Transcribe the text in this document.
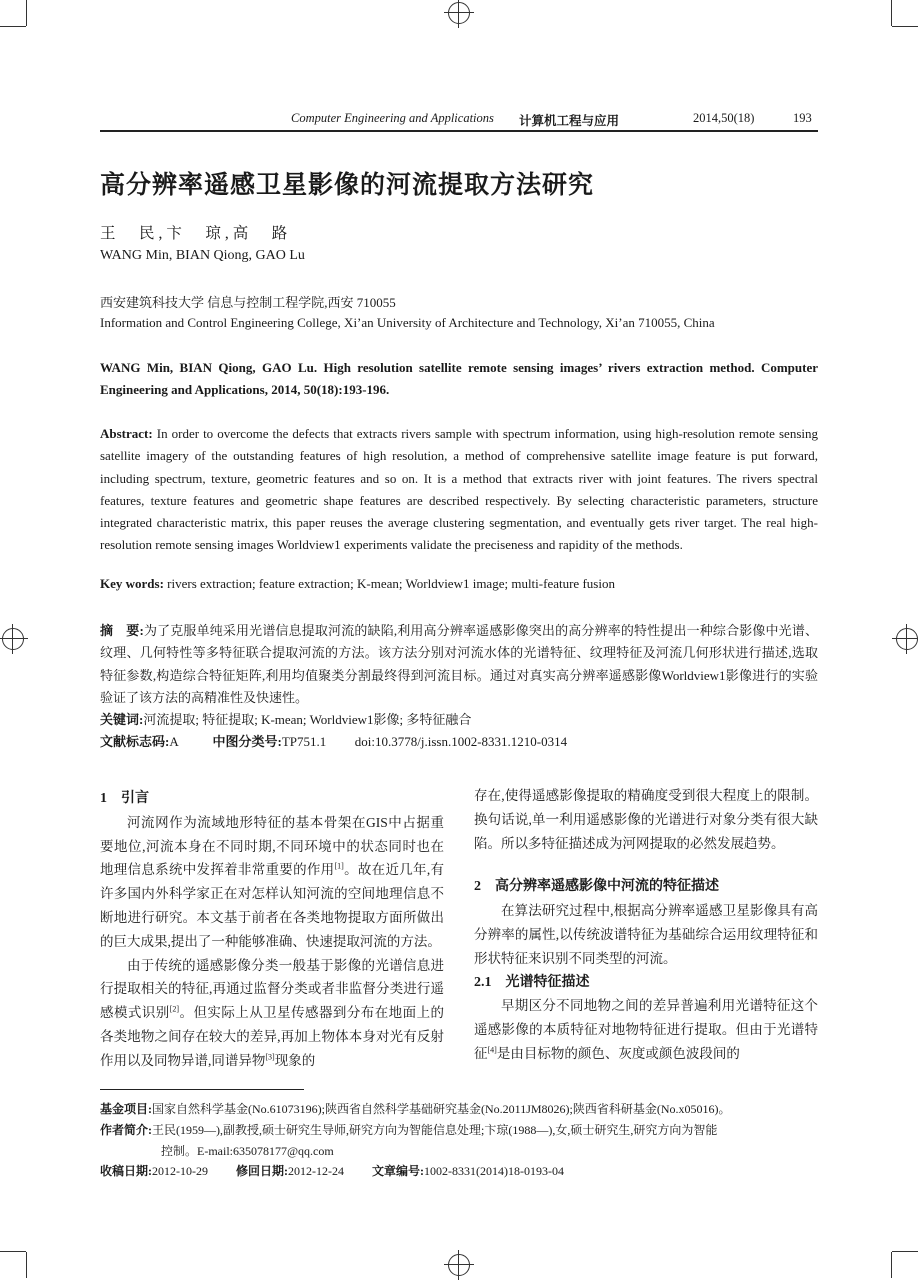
Computer Engineering and Applications 计算机工程与应用	2014,50(18)	193
高分辨率遥感卫星影像的河流提取方法研究
王　民,卞　琼,高　路
WANG Min, BIAN Qiong, GAO Lu
西安建筑科技大学 信息与控制工程学院,西安 710055
Information and Control Engineering College, Xi’an University of Architecture and Technology, Xi’an 710055, China
WANG Min, BIAN Qiong, GAO Lu. High resolution satellite remote sensing images’ rivers extraction method. Computer Engineering and Applications, 2014, 50(18):193-196.
Abstract: In order to overcome the defects that extracts rivers sample with spectrum information, using high-resolution remote sensing satellite imagery of the outstanding features of high resolution, a method of comprehensive satellite image feature is put forward, including spectrum, texture, geometric features and so on. It is a method that extracts river with joint features. The rivers spectral features, texture features and geometric shape features are described respectively. By selecting characteristic parameters, structure integrated characteristic matrix, this paper reuses the average clustering segmentation, and eventually gets river target. The real high-resolution remote sensing images Worldview1 experiments validate the preciseness and rapidity of the methods.
Key words: rivers extraction; feature extraction; K-mean; Worldview1 image; multi-feature fusion
摘　要:为了克服单纯采用光谱信息提取河流的缺陷,利用高分辨率遥感影像突出的高分辨率的特性提出一种综合影像中光谱、纹理、几何特性等多特征联合提取河流的方法。该方法分别对河流水体的光谱特征、纹理特征及河流几何形状进行描述,选取特征参数,构造综合特征矩阵,利用均值聚类分割最终得到河流目标。通过对真实高分辨率遥感影像Worldview1影像进行的实验验证了该方法的高精准性及快速性。
关键词:河流提取; 特征提取; K-mean; Worldview1影像; 多特征融合
文献标志码:A	中图分类号:TP751.1 doi:10.3778/j.issn.1002-8331.1210-0314

1　引言

河流网作为流域地形特征的基本骨架在GIS中占据重要地位,河流本身在不同时期,不同环境中的状态同时也在地理信息系统中发挥着非常重要的作用[1]。故在近几年,有许多国内外科学家正在对怎样认知河流的空间地理信息不断地进行研究。本文基于前者在各类地物提取方面所做出的巨大成果,提出了一种能够准确、快速提取河流的方法。

由于传统的遥感影像分类一般基于影像的光谱信息进行提取相关的特征,再通过监督分类或者非监督分类进行遥感模式识别[2]。但实际上从卫星传感器到分布在地面上的各类地物之间存在较大的差异,再加上物体本身对光有反射作用以及同物异谱,同谱异物[3]现象的

存在,使得遥感影像提取的精确度受到很大程度上的限制。换句话说,单一利用遥感影像的光谱进行对象分类有很大缺陷。所以多特征描述成为河网提取的必然发展趋势。

2　高分辨率遥感影像中河流的特征描述

在算法研究过程中,根据高分辨率遥感卫星影像具有高分辨率的属性,以传统波谱特征为基础综合运用纹理特征和形状特征来识别不同类型的河流。

2.1　光谱特征描述

早期区分不同地物之间的差异普遍利用光谱特征这个遥感影像的本质特征对地物特征进行提取。但由于光谱特征[4]是由目标物的颜色、灰度或颜色波段间的

基金项目:国家自然科学基金(No.61073196);陕西省自然科学基础研究基金(No.2011JM8026);陕西省科研基金(No.x05016)。
作者简介:王民(1959—),副教授,硕士研究生导师,研究方向为智能信息处理;卞琼(1988—),女,硕士研究生,研究方向为智能
控制。E-mail:635078177@qq.com
收稿日期:2012-10-29 修回日期:2012-12-24 文章编号:1002-8331(2014)18-0193-04
